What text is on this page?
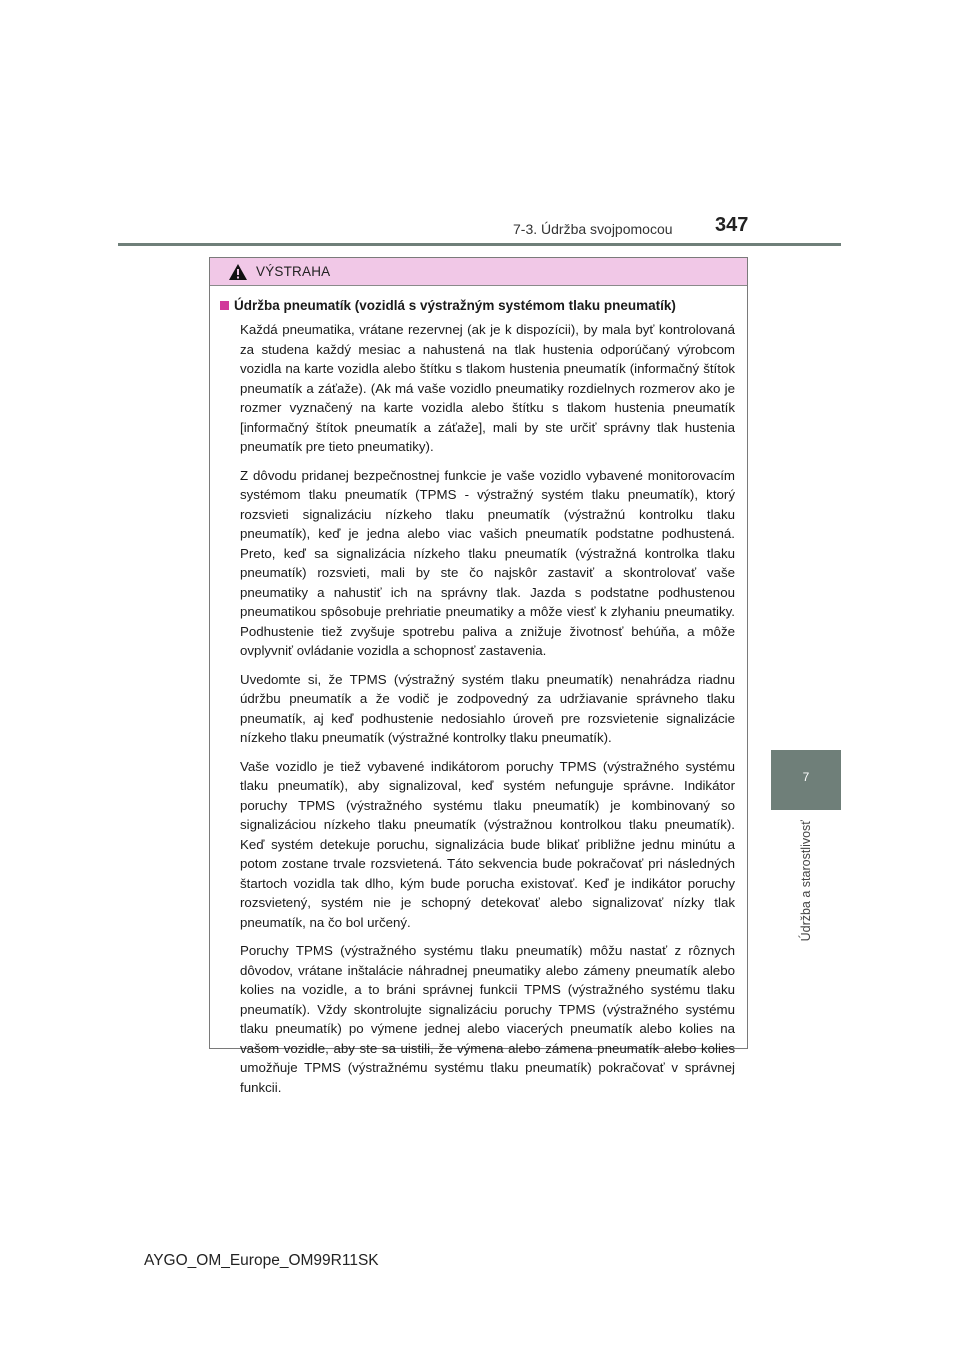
7-3. Údržba svojpomocou 347
7
Údržba a starostlivosť
VÝSTRAHA
Údržba pneumatík (vozidlá s výstražným systémom tlaku pneumatík)

Každá pneumatika, vrátane rezervnej (ak je k dispozícii), by mala byť kontrolovaná za studena každý mesiac a nahustená na tlak hustenia odporúčaný výrobcom vozidla na karte vozidla alebo štítku s tlakom hustenia pneumatík (informačný štítok pneumatík a záťaže). (Ak má vaše vozidlo pneumatiky rozdielnych rozmerov ako je rozmer vyznačený na karte vozidla alebo štítku s tlakom hustenia pneumatík [informačný štítok pneumatík a záťaže], mali by ste určiť správny tlak hustenia pneumatík pre tieto pneumatiky).

Z dôvodu pridanej bezpečnostnej funkcie je vaše vozidlo vybavené monitorovacím systémom tlaku pneumatík (TPMS - výstražný systém tlaku pneumatík), ktorý rozsvieti signalizáciu nízkeho tlaku pneumatík (výstražnú kontrolku tlaku pneumatík), keď je jedna alebo viac vašich pneumatík podstatne podhustená. Preto, keď sa signalizácia nízkeho tlaku pneumatík (výstražná kontrolka tlaku pneumatík) rozsvieti, mali by ste čo najskôr zastaviť a skontrolovať vaše pneumatiky a nahustiť ich na správny tlak. Jazda s podstatne podhustenou pneumatikou spôsobuje prehriatie pneumatiky a môže viesť k zlyhaniu pneumatiky. Podhustenie tiež zvyšuje spotrebu paliva a znižuje životnosť behúňa, a môže ovplyvniť ovládanie vozidla a schopnosť zastavenia.

Uvedomte si, že TPMS (výstražný systém tlaku pneumatík) nenahrádza riadnu údržbu pneumatík a že vodič je zodpovedný za udržiavanie správneho tlaku pneumatík, aj keď podhustenie nedosiahlo úroveň pre rozsvietenie signalizácie nízkeho tlaku pneumatík (výstražné kontrolky tlaku pneumatík).

Vaše vozidlo je tiež vybavené indikátorom poruchy TPMS (výstražného systému tlaku pneumatík), aby signalizoval, keď systém nefunguje správne. Indikátor poruchy TPMS (výstražného systému tlaku pneumatík) je kombinovaný so signalizáciou nízkeho tlaku pneumatík (výstražnou kontrolkou tlaku pneumatík). Keď systém detekuje poruchu, signalizácia bude blikať približne jednu minútu a potom zostane trvale rozsvietená. Táto sekvencia bude pokračovať pri následných štartoch vozidla tak dlho, kým bude porucha existovať. Keď je indikátor poruchy rozsvietený, systém nie je schopný detekovať alebo signalizovať nízky tlak pneumatík, na čo bol určený.

Poruchy TPMS (výstražného systému tlaku pneumatík) môžu nastať z rôznych dôvodov, vrátane inštalácie náhradnej pneumatiky alebo zámeny pneumatík alebo kolies na vozidle, a to bráni správnej funkcii TPMS (výstražného systému tlaku pneumatík). Vždy skontrolujte signalizáciu poruchy TPMS (výstražného systému tlaku pneumatík) po výmene jednej alebo viacerých pneumatík alebo kolies na vašom vozidle, aby ste sa uistili, že výmena alebo zámena pneumatík alebo kolies umožňuje TPMS (výstražnému systému tlaku pneumatík) pokračovať v správnej funkcii.

AYGO_OM_Europe_OM99R11SK
